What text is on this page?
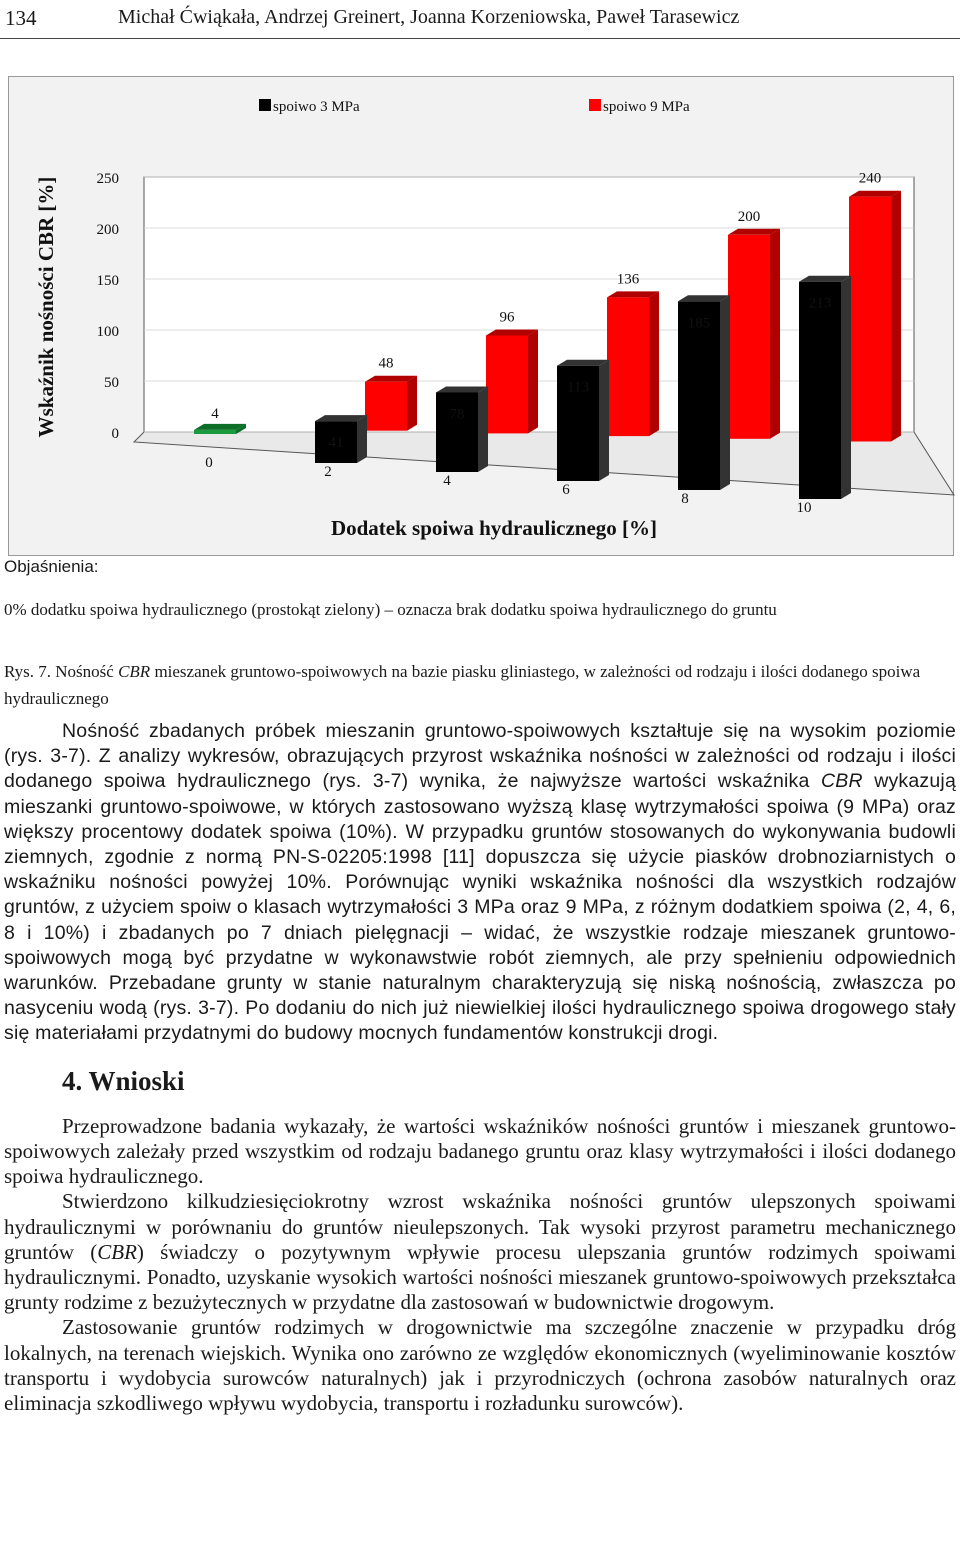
134	Michał Ćwiąkała, Andrzej Greinert, Joanna Korzeniowska, Paweł Tarasewicz
0
50
100
150
200
250
Wskaźnik nośności CBR [%]
Dodatek spoiwa hydraulicznego [%]
4
0
48
41
2
96
78
4
136
113
6
200
185
8
240
213
10
spoiwo 3 MPa	spoiwo 9 MPa
Objaśnienia:
0% dodatku spoiwa hydraulicznego (prostokąt zielony) – oznacza brak dodatku spoiwa hydraulicznego do gruntu
Rys. 7. Nośność CBR mieszanek gruntowo-spoiwowych na bazie piasku gliniastego, w zależności od rodzaju i ilości dodanego spoiwa hydraulicznego

Nośność zbadanych próbek mieszanin gruntowo-spoiwowych kształtuje się na wysokim poziomie (rys. 3-7). Z analizy wykresów, obrazujących przyrost wskaźnika nośności w zależności od rodzaju i ilości dodanego spoiwa hydraulicznego (rys. 3-7) wynika, że najwyższe wartości wskaźnika CBR wykazują mieszanki gruntowo-spoiwowe, w których zastosowano wyższą klasę wytrzymałości spoiwa (9 MPa) oraz większy procentowy dodatek spoiwa (10%). W przypadku gruntów stosowanych do wykonywania budowli ziemnych, zgodnie z normą PN-S-02205:1998 [11] dopuszcza się użycie piasków drobnoziarnistych o wskaźniku nośności powyżej 10%. Porównując wyniki wskaźnika nośności dla wszystkich rodzajów gruntów, z użyciem spoiw o klasach wytrzymałości 3 MPa oraz 9 MPa, z różnym dodatkiem spoiwa (2, 4, 6, 8 i 10%) i zbadanych po 7 dniach pielęgnacji – widać, że wszystkie rodzaje mieszanek gruntowo-spoiwowych mogą być przydatne w wykonawstwie robót ziemnych, ale przy spełnieniu odpowiednich warunków. Przebadane grunty w stanie naturalnym charakteryzują się niską nośnością, zwłaszcza po nasyceniu wodą (rys. 3-7). Po dodaniu do nich już niewielkiej ilości hydraulicznego spoiwa drogowego stały się materiałami przydatnymi do budowy mocnych fundamentów konstrukcji drogi.

4. Wnioski

Przeprowadzone badania wykazały, że wartości wskaźników nośności gruntów i mieszanek gruntowo-spoiwowych zależały przed wszystkim od rodzaju badanego gruntu oraz klasy wytrzymałości i ilości dodanego spoiwa hydraulicznego.

Stwierdzono kilkudziesięciokrotny wzrost wskaźnika nośności gruntów ulepszonych spoiwami hydraulicznymi w porównaniu do gruntów nieulepszonych. Tak wysoki przyrost parametru mechanicznego gruntów (CBR) świadczy o pozytywnym wpływie procesu ulepszania gruntów rodzimych spoiwami hydraulicznymi. Ponadto, uzyskanie wysokich wartości nośności mieszanek gruntowo-spoiwowych przekształca grunty rodzime z bezużytecznych w przydatne dla zastosowań w budownictwie drogowym.

Zastosowanie gruntów rodzimych w drogownictwie ma szczególne znaczenie w przypadku dróg lokalnych, na terenach wiejskich. Wynika ono zarówno ze względów ekonomicznych (wyeliminowanie kosztów transportu i wydobycia surowców naturalnych) jak i przyrodniczych (ochrona zasobów naturalnych oraz eliminacja szkodliwego wpływu wydobycia, transportu i rozładunku surowców).
